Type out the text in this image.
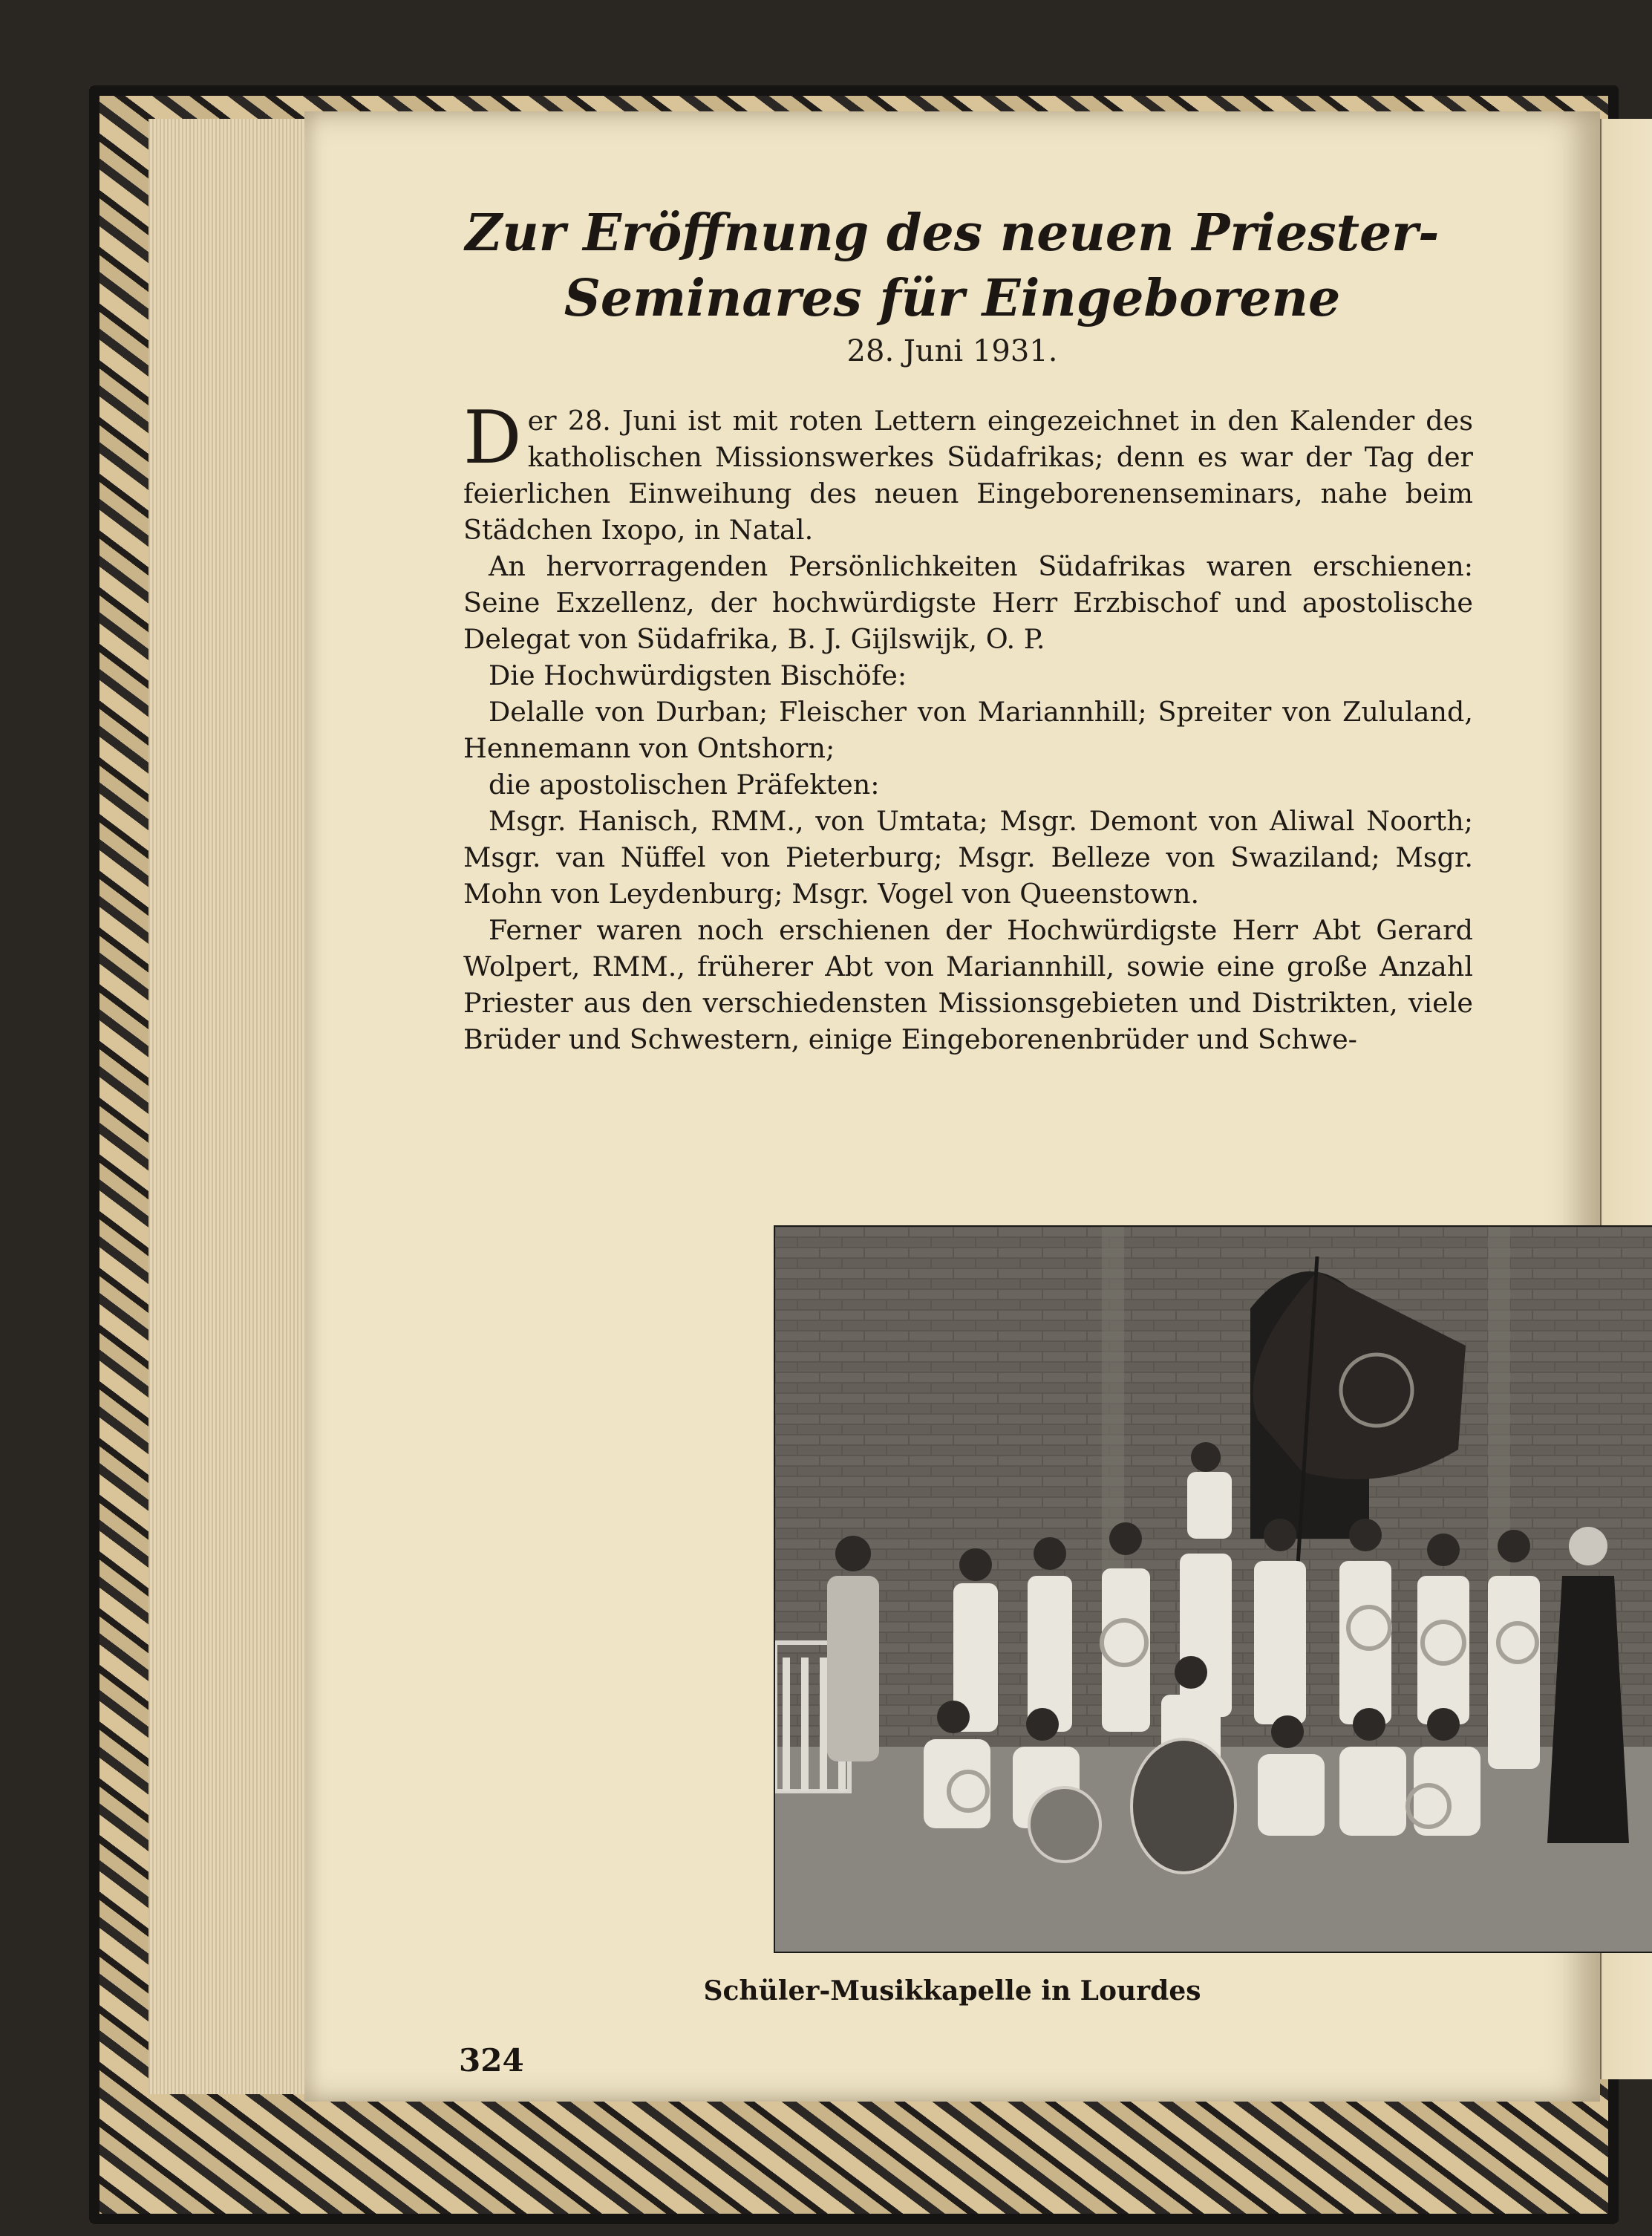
Zur Eröffnung des neuen Priester-
Seminares für Eingeborene

28. Juni 1931.

Der 28. Juni ist mit roten Lettern eingezeichnet in den Kalender des katholischen Missionswerkes Südafrikas; denn es war der Tag der feierlichen Einweihung des neuen Eingeborenenseminars, nahe beim Städchen Ixopo, in Natal.

An hervorragenden Persönlichkeiten Südafrikas waren erschienen: Seine Exzellenz, der hochwürdigste Herr Erzbischof und apostolische Delegat von Südafrika, B. J. Gijlswijk, O. P.

Die Hochwürdigsten Bischöfe:

Delalle von Durban; Fleischer von Mariannhill; Spreiter von Zululand, Hennemann von Ontshorn;

die apostolischen Präfekten:

Msgr. Hanisch, RMM., von Umtata; Msgr. Demont von Aliwal Noorth; Msgr. van Nüffel von Pieterburg; Msgr. Belleze von Swaziland; Msgr. Mohn von Leydenburg; Msgr. Vogel von Queenstown.

Ferner waren noch erschienen der Hochwürdigste Herr Abt Gerard Wolpert, RMM., früherer Abt von Mariannhill, sowie eine große Anzahl Priester aus den verschiedensten Missionsgebieten und Distrikten, viele Brüder und Schwestern, einige Eingeborenenbrüder und Schwe-

Schüler-Musikkapelle in Lourdes

324
